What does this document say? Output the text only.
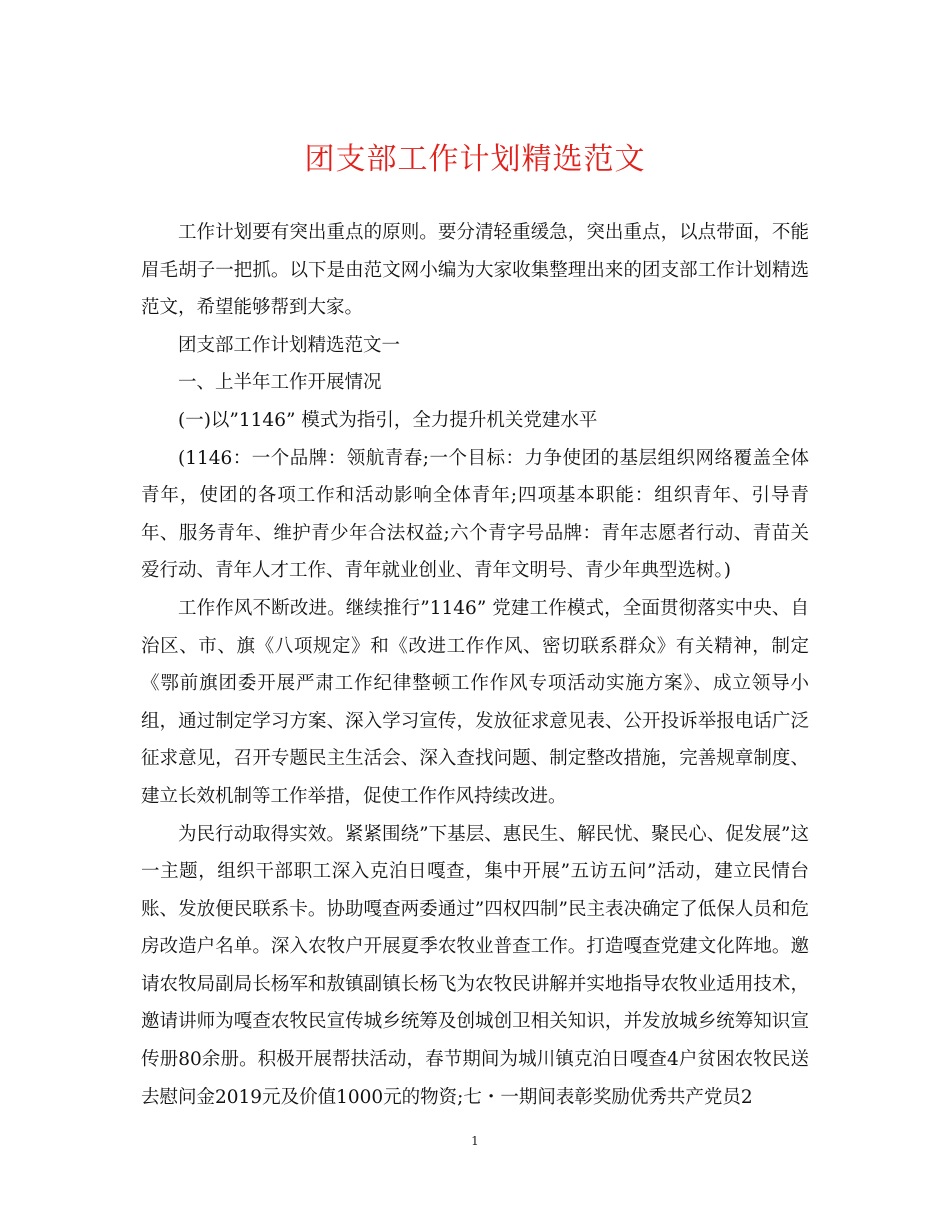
团支部工作计划精选范文

工作计划要有突出重点的原则。要分清轻重缓急，突出重点，以点带面，不能眉毛胡子一把抓。以下是由范文网小编为大家收集整理出来的团支部工作计划精选范文，希望能够帮到大家。

团支部工作计划精选范文一

一、上半年工作开展情况

(一)以”1146” 模式为指引，全力提升机关党建水平

(1146：一个品牌：领航青春;一个目标：力争使团的基层组织网络覆盖全体青年，使团的各项工作和活动影响全体青年;四项基本职能：组织青年、引导青年、服务青年、维护青少年合法权益;六个青字号品牌：青年志愿者行动、青苗关爱行动、青年人才工作、青年就业创业、青年文明号、青少年典型选树。)

工作作风不断改进。继续推行”1146” 党建工作模式，全面贯彻落实中央、自治区、市、旗《八项规定》和《改进工作作风、密切联系群众》有关精神，制定《鄂前旗团委开展严肃工作纪律整顿工作作风专项活动实施方案》、成立领导小组，通过制定学习方案、深入学习宣传，发放征求意见表、公开投诉举报电话广泛征求意见，召开专题民主生活会、深入查找问题、制定整改措施，完善规章制度、建立长效机制等工作举措，促使工作作风持续改进。

为民行动取得实效。紧紧围绕”下基层、惠民生、解民忧、聚民心、促发展”这一主题，组织干部职工深入克泊日嘎查，集中开展”五访五问”活动，建立民情台账、发放便民联系卡。协助嘎查两委通过”四权四制”民主表决确定了低保人员和危房改造户名单。深入农牧户开展夏季农牧业普查工作。打造嘎查党建文化阵地。邀请农牧局副局长杨军和敖镇副镇长杨飞为农牧民讲解并实地指导农牧业适用技术，邀请讲师为嘎查农牧民宣传城乡统筹及创城创卫相关知识，并发放城乡统筹知识宣传册80余册。积极开展帮扶活动，春节期间为城川镇克泊日嘎查4户贫困农牧民送去慰问金2019元及价值1000元的物资;七・一期间表彰奖励优秀共产党员2

1
